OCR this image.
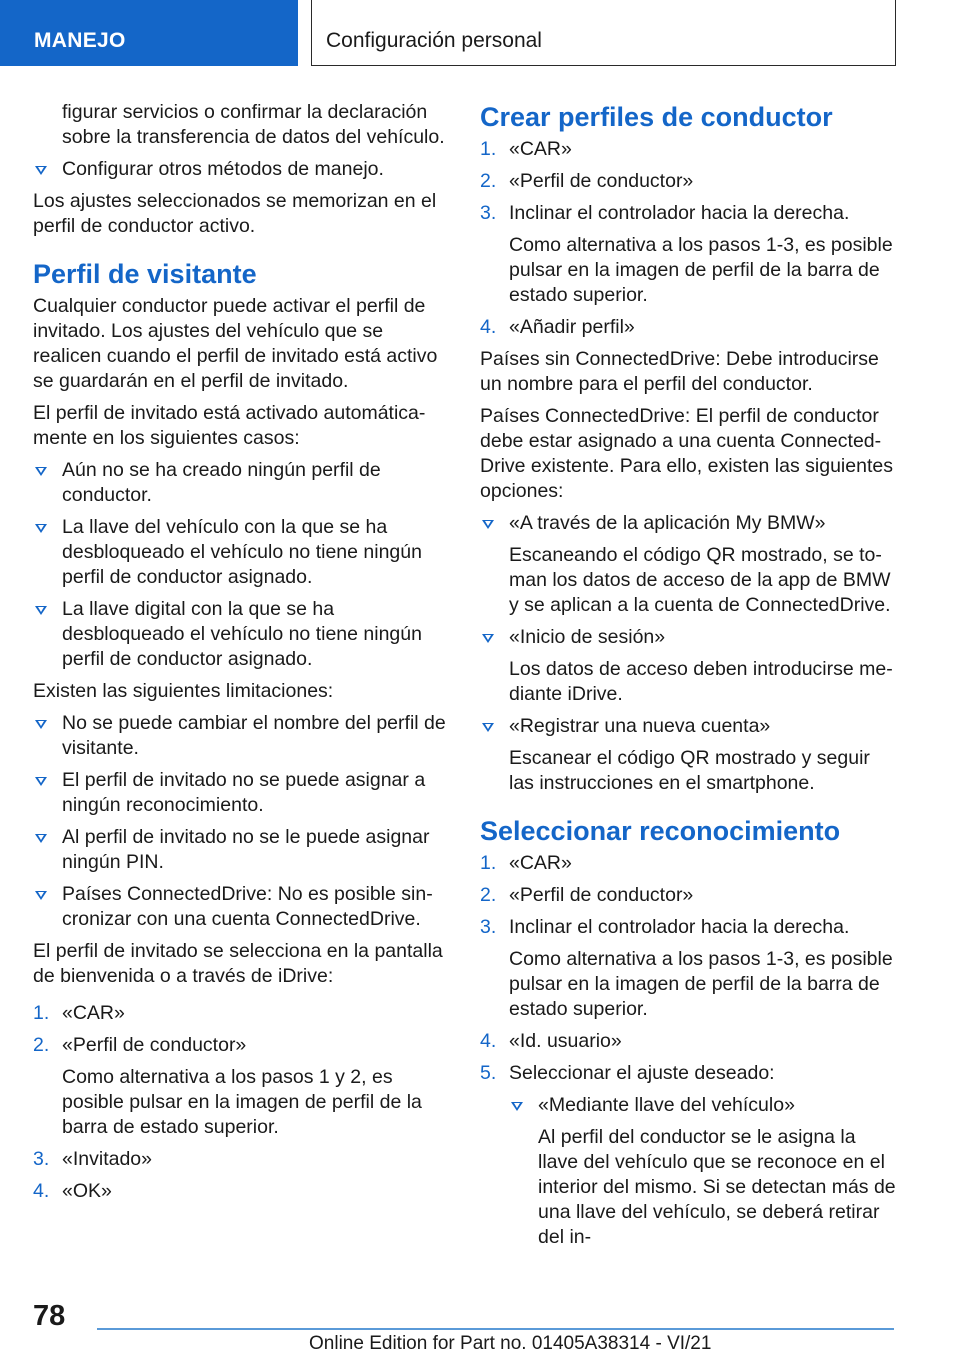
MANEJO	Configuración personal
figurar servicios o confirmar la declaración sobre la transferencia de datos del vehículo.
Configurar otros métodos de manejo.
Los ajustes seleccionados se memorizan en el perfil de conductor activo.
Perfil de visitante
Cualquier conductor puede activar el perfil de invitado. Los ajustes del vehículo que se realicen cuando el perfil de invitado está activo se guardarán en el perfil de invitado.
El perfil de invitado está activado automáticamente en los siguientes casos:
Aún no se ha creado ningún perfil de conductor.
La llave del vehículo con la que se ha desbloqueado el vehículo no tiene ningún perfil de conductor asignado.
La llave digital con la que se ha desbloqueado el vehículo no tiene ningún perfil de conductor asignado.
Existen las siguientes limitaciones:
No se puede cambiar el nombre del perfil de visitante.
El perfil de invitado no se puede asignar a ningún reconocimiento.
Al perfil de invitado no se le puede asignar ningún PIN.
Países ConnectedDrive: No es posible sincronizar con una cuenta ConnectedDrive.
El perfil de invitado se selecciona en la pantalla de bienvenida o a través de iDrive:
1. «CAR»
2. «Perfil de conductor»
Como alternativa a los pasos 1 y 2, es posible pulsar en la imagen de perfil de la barra de estado superior.
3. «Invitado»
4. «OK»
Crear perfiles de conductor
1. «CAR»
2. «Perfil de conductor»
3. Inclinar el controlador hacia la derecha.
Como alternativa a los pasos 1-3, es posible pulsar en la imagen de perfil de la barra de estado superior.
4. «Añadir perfil»
Países sin ConnectedDrive: Debe introducirse un nombre para el perfil del conductor.
Países ConnectedDrive: El perfil de conductor debe estar asignado a una cuenta ConnectedDrive existente. Para ello, existen las siguientes opciones:
«A través de la aplicación My BMW»
Escaneando el código QR mostrado, se toman los datos de acceso de la app de BMW y se aplican a la cuenta de ConnectedDrive.
«Inicio de sesión»
Los datos de acceso deben introducirse mediante iDrive.
«Registrar una nueva cuenta»
Escanear el código QR mostrado y seguir las instrucciones en el smartphone.
Seleccionar reconocimiento
1. «CAR»
2. «Perfil de conductor»
3. Inclinar el controlador hacia la derecha.
Como alternativa a los pasos 1-3, es posible pulsar en la imagen de perfil de la barra de estado superior.
4. «Id. usuario»
5. Seleccionar el ajuste deseado:
«Mediante llave del vehículo»
Al perfil del conductor se le asigna la llave del vehículo que se reconoce en el interior del mismo. Si se detectan más de una llave del vehículo, se deberá retirar del in-
78
Online Edition for Part no. 01405A38314 - VI/21
